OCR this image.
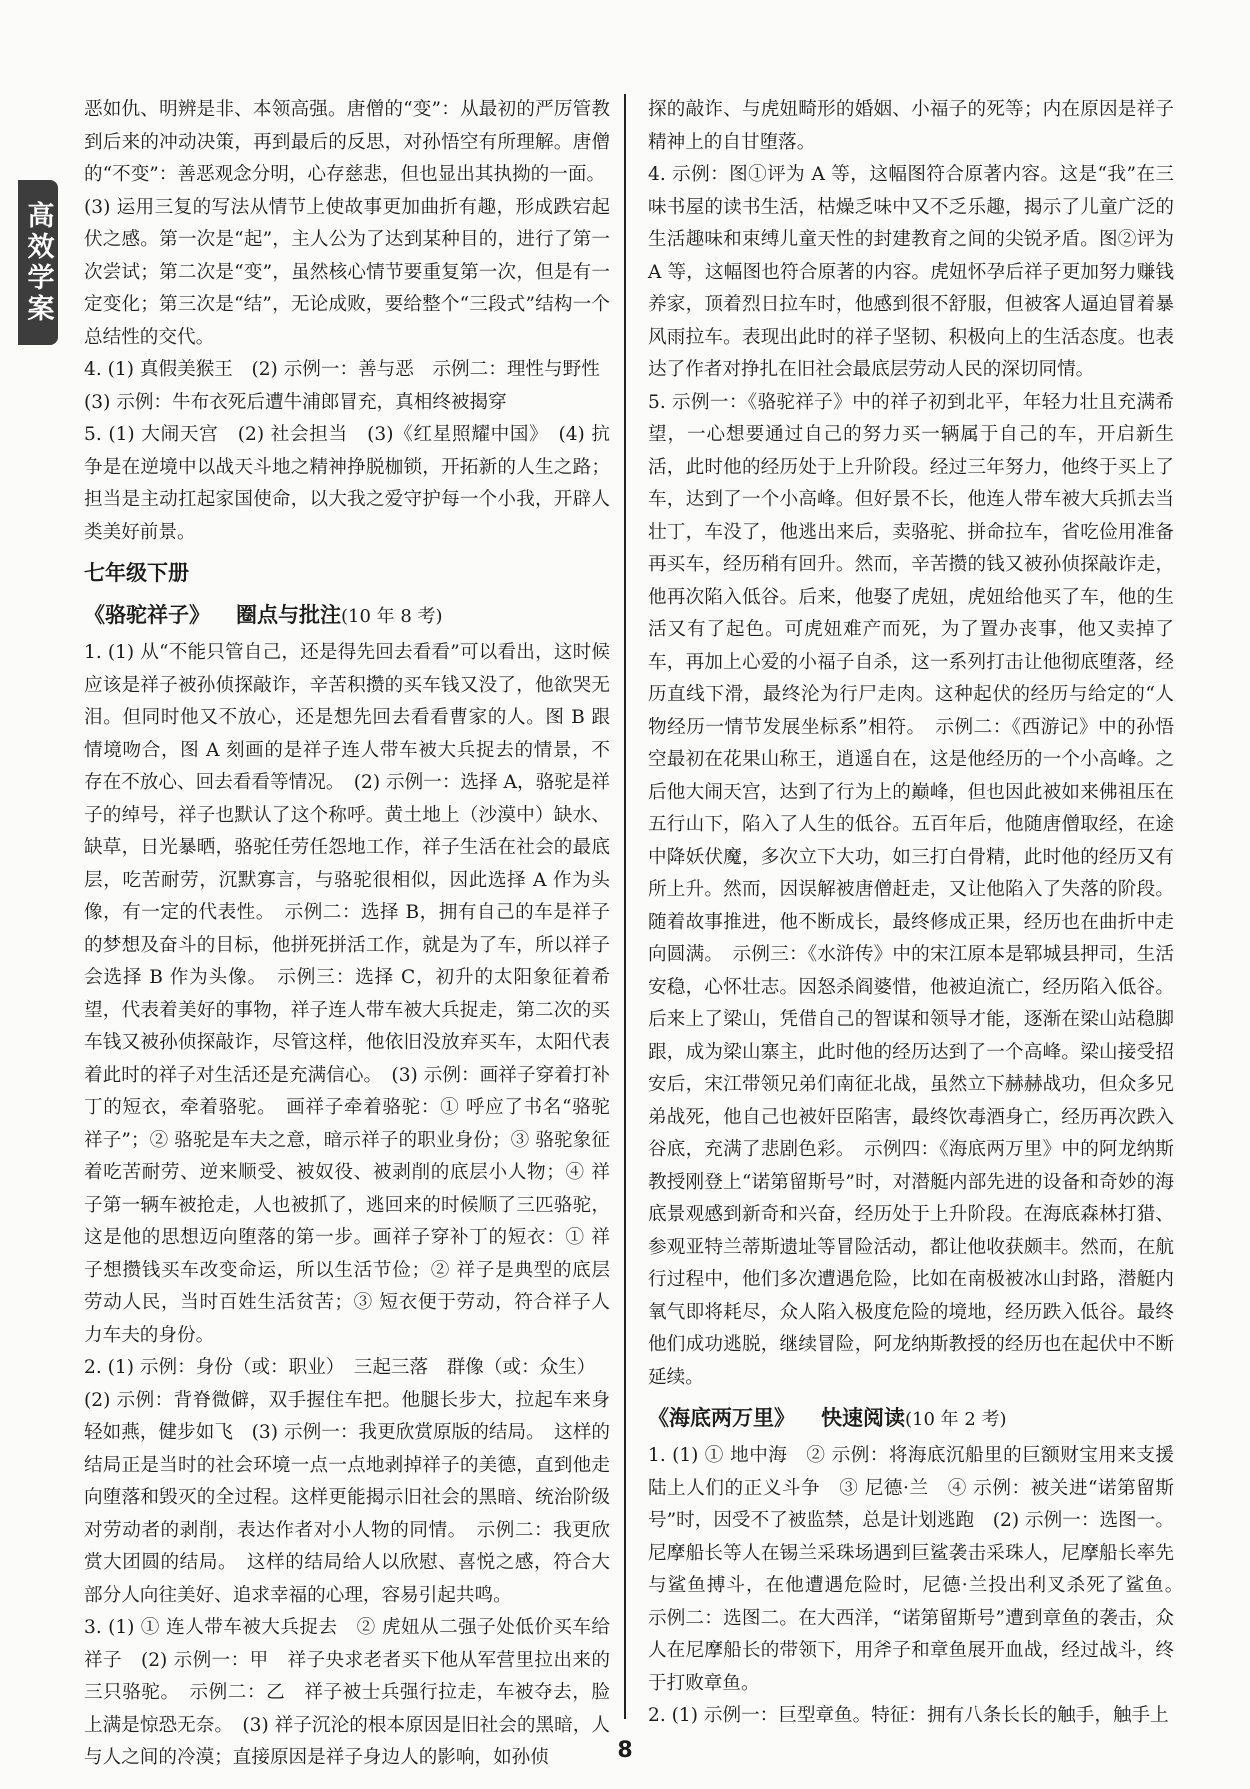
高效学案

恶如仇、明辨是非、本领高强。唐僧的“变”：从最初的严厉管教到后来的冲动决策，再到最后的反思，对孙悟空有所理解。唐僧的“不变”：善恶观念分明，心存慈悲，但也显出其执拗的一面。

(3) 运用三复的写法从情节上使故事更加曲折有趣，形成跌宕起伏之感。第一次是“起”，主人公为了达到某种目的，进行了第一次尝试；第二次是“变”，虽然核心情节要重复第一次，但是有一定变化；第三次是“结”，无论成败，要给整个“三段式”结构一个总结性的交代。

4. (1) 真假美猴王　(2) 示例一：善与恶　示例二：理性与野性

(3) 示例：牛布衣死后遭牛浦郎冒充，真相终被揭穿

5. (1) 大闹天宫　(2) 社会担当　(3)《红星照耀中国》　(4) 抗争是在逆境中以战天斗地之精神挣脱枷锁，开拓新的人生之路；担当是主动扛起家国使命，以大我之爱守护每一个小我，开辟人类美好前景。

七年级下册
《骆驼祥子》 圈点与批注(10 年 8 考)

1. (1) 从“不能只管自己，还是得先回去看看”可以看出，这时候应该是祥子被孙侦探敲诈，辛苦积攒的买车钱又没了，他欲哭无泪。但同时他又不放心，还是想先回去看看曹家的人。图 B 跟情境吻合，图 A 刻画的是祥子连人带车被大兵捉去的情景，不存在不放心、回去看看等情况。　(2) 示例一：选择 A，骆驼是祥子的绰号，祥子也默认了这个称呼。黄土地上（沙漠中）缺水、缺草，日光暴晒，骆驼任劳任怨地工作，祥子生活在社会的最底层，吃苦耐劳，沉默寡言，与骆驼很相似，因此选择 A 作为头像，有一定的代表性。　示例二：选择 B，拥有自己的车是祥子的梦想及奋斗的目标，他拼死拼活工作，就是为了车，所以祥子会选择 B 作为头像。　示例三：选择 C，初升的太阳象征着希望，代表着美好的事物，祥子连人带车被大兵捉走，第二次的买车钱又被孙侦探敲诈，尽管这样，他依旧没放弃买车，太阳代表着此时的祥子对生活还是充满信心。　(3) 示例：画祥子穿着打补丁的短衣，牵着骆驼。　画祥子牵着骆驼：① 呼应了书名“骆驼祥子”；② 骆驼是车夫之意，暗示祥子的职业身份；③ 骆驼象征着吃苦耐劳、逆来顺受、被奴役、被剥削的底层小人物；④ 祥子第一辆车被抢走，人也被抓了，逃回来的时候顺了三匹骆驼，这是他的思想迈向堕落的第一步。画祥子穿补丁的短衣：① 祥子想攒钱买车改变命运，所以生活节俭；② 祥子是典型的底层劳动人民，当时百姓生活贫苦；③ 短衣便于劳动，符合祥子人力车夫的身份。

2. (1) 示例：身份（或：职业）　三起三落　群像（或：众生）

(2) 示例：背脊微僻，双手握住车把。他腿长步大，拉起车来身轻如燕，健步如飞　(3) 示例一：我更欣赏原版的结局。　这样的结局正是当时的社会环境一点一点地剥掉祥子的美德，直到他走向堕落和毁灭的全过程。这样更能揭示旧社会的黑暗、统治阶级对劳动者的剥削，表达作者对小人物的同情。　示例二：我更欣赏大团圆的结局。　这样的结局给人以欣慰、喜悦之感，符合大部分人向往美好、追求幸福的心理，容易引起共鸣。

3. (1) ① 连人带车被大兵捉去　② 虎妞从二强子处低价买车给祥子　(2) 示例一：甲　祥子央求老者买下他从军营里拉出来的三只骆驼。　示例二：乙　祥子被士兵强行拉走，车被夺去，脸上满是惊恐无奈。　(3) 祥子沉沦的根本原因是旧社会的黑暗，人与人之间的冷漠；直接原因是祥子身边人的影响，如孙侦

探的敲诈、与虎妞畸形的婚姻、小福子的死等；内在原因是祥子精神上的自甘堕落。

4. 示例：图①评为 A 等，这幅图符合原著内容。这是“我”在三味书屋的读书生活，枯燥乏味中又不乏乐趣，揭示了儿童广泛的生活趣味和束缚儿童天性的封建教育之间的尖锐矛盾。图②评为 A 等，这幅图也符合原著的内容。虎妞怀孕后祥子更加努力赚钱养家，顶着烈日拉车时，他感到很不舒服，但被客人逼迫冒着暴风雨拉车。表现出此时的祥子坚韧、积极向上的生活态度。也表达了作者对挣扎在旧社会最底层劳动人民的深切同情。

5. 示例一：《骆驼祥子》中的祥子初到北平，年轻力壮且充满希望，一心想要通过自己的努力买一辆属于自己的车，开启新生活，此时他的经历处于上升阶段。经过三年努力，他终于买上了车，达到了一个小高峰。但好景不长，他连人带车被大兵抓去当壮丁，车没了，他逃出来后，卖骆驼、拼命拉车，省吃俭用准备再买车，经历稍有回升。然而，辛苦攒的钱又被孙侦探敲诈走，他再次陷入低谷。后来，他娶了虎妞，虎妞给他买了车，他的生活又有了起色。可虎妞难产而死，为了置办丧事，他又卖掉了车，再加上心爱的小福子自杀，这一系列打击让他彻底堕落，经历直线下滑，最终沦为行尸走肉。这种起伏的经历与给定的“人物经历一情节发展坐标系”相符。　示例二：《西游记》中的孙悟空最初在花果山称王，逍遥自在，这是他经历的一个小高峰。之后他大闹天宫，达到了行为上的巅峰，但也因此被如来佛祖压在五行山下，陷入了人生的低谷。五百年后，他随唐僧取经，在途中降妖伏魔，多次立下大功，如三打白骨精，此时他的经历又有所上升。然而，因误解被唐僧赶走，又让他陷入了失落的阶段。随着故事推进，他不断成长，最终修成正果，经历也在曲折中走向圆满。　示例三：《水浒传》中的宋江原本是郓城县押司，生活安稳，心怀壮志。因怒杀阎婆惜，他被迫流亡，经历陷入低谷。后来上了梁山，凭借自己的智谋和领导才能，逐渐在梁山站稳脚跟，成为梁山寨主，此时他的经历达到了一个高峰。梁山接受招安后，宋江带领兄弟们南征北战，虽然立下赫赫战功，但众多兄弟战死，他自己也被奸臣陷害，最终饮毒酒身亡，经历再次跌入谷底，充满了悲剧色彩。　示例四：《海底两万里》中的阿龙纳斯教授刚登上“诺第留斯号”时，对潜艇内部先进的设备和奇妙的海底景观感到新奇和兴奋，经历处于上升阶段。在海底森林打猎、参观亚特兰蒂斯遗址等冒险活动，都让他收获颇丰。然而，在航行过程中，他们多次遭遇危险，比如在南极被冰山封路，潜艇内氧气即将耗尽，众人陷入极度危险的境地，经历跌入低谷。最终他们成功逃脱，继续冒险，阿龙纳斯教授的经历也在起伏中不断延续。

《海底两万里》 快速阅读(10 年 2 考)

1. (1) ① 地中海　② 示例：将海底沉船里的巨额财宝用来支援陆上人们的正义斗争　③ 尼德·兰　④ 示例：被关进“诺第留斯号”时，因受不了被监禁，总是计划逃跑　(2) 示例一：选图一。尼摩船长等人在锡兰采珠场遇到巨鲨袭击采珠人，尼摩船长率先与鲨鱼搏斗，在他遭遇危险时，尼德·兰投出利叉杀死了鲨鱼。　示例二：选图二。在大西洋，“诺第留斯号”遭到章鱼的袭击，众人在尼摩船长的带领下，用斧子和章鱼展开血战，经过战斗，终于打败章鱼。

2. (1) 示例一：巨型章鱼。特征：拥有八条长长的触手，触手上

8
